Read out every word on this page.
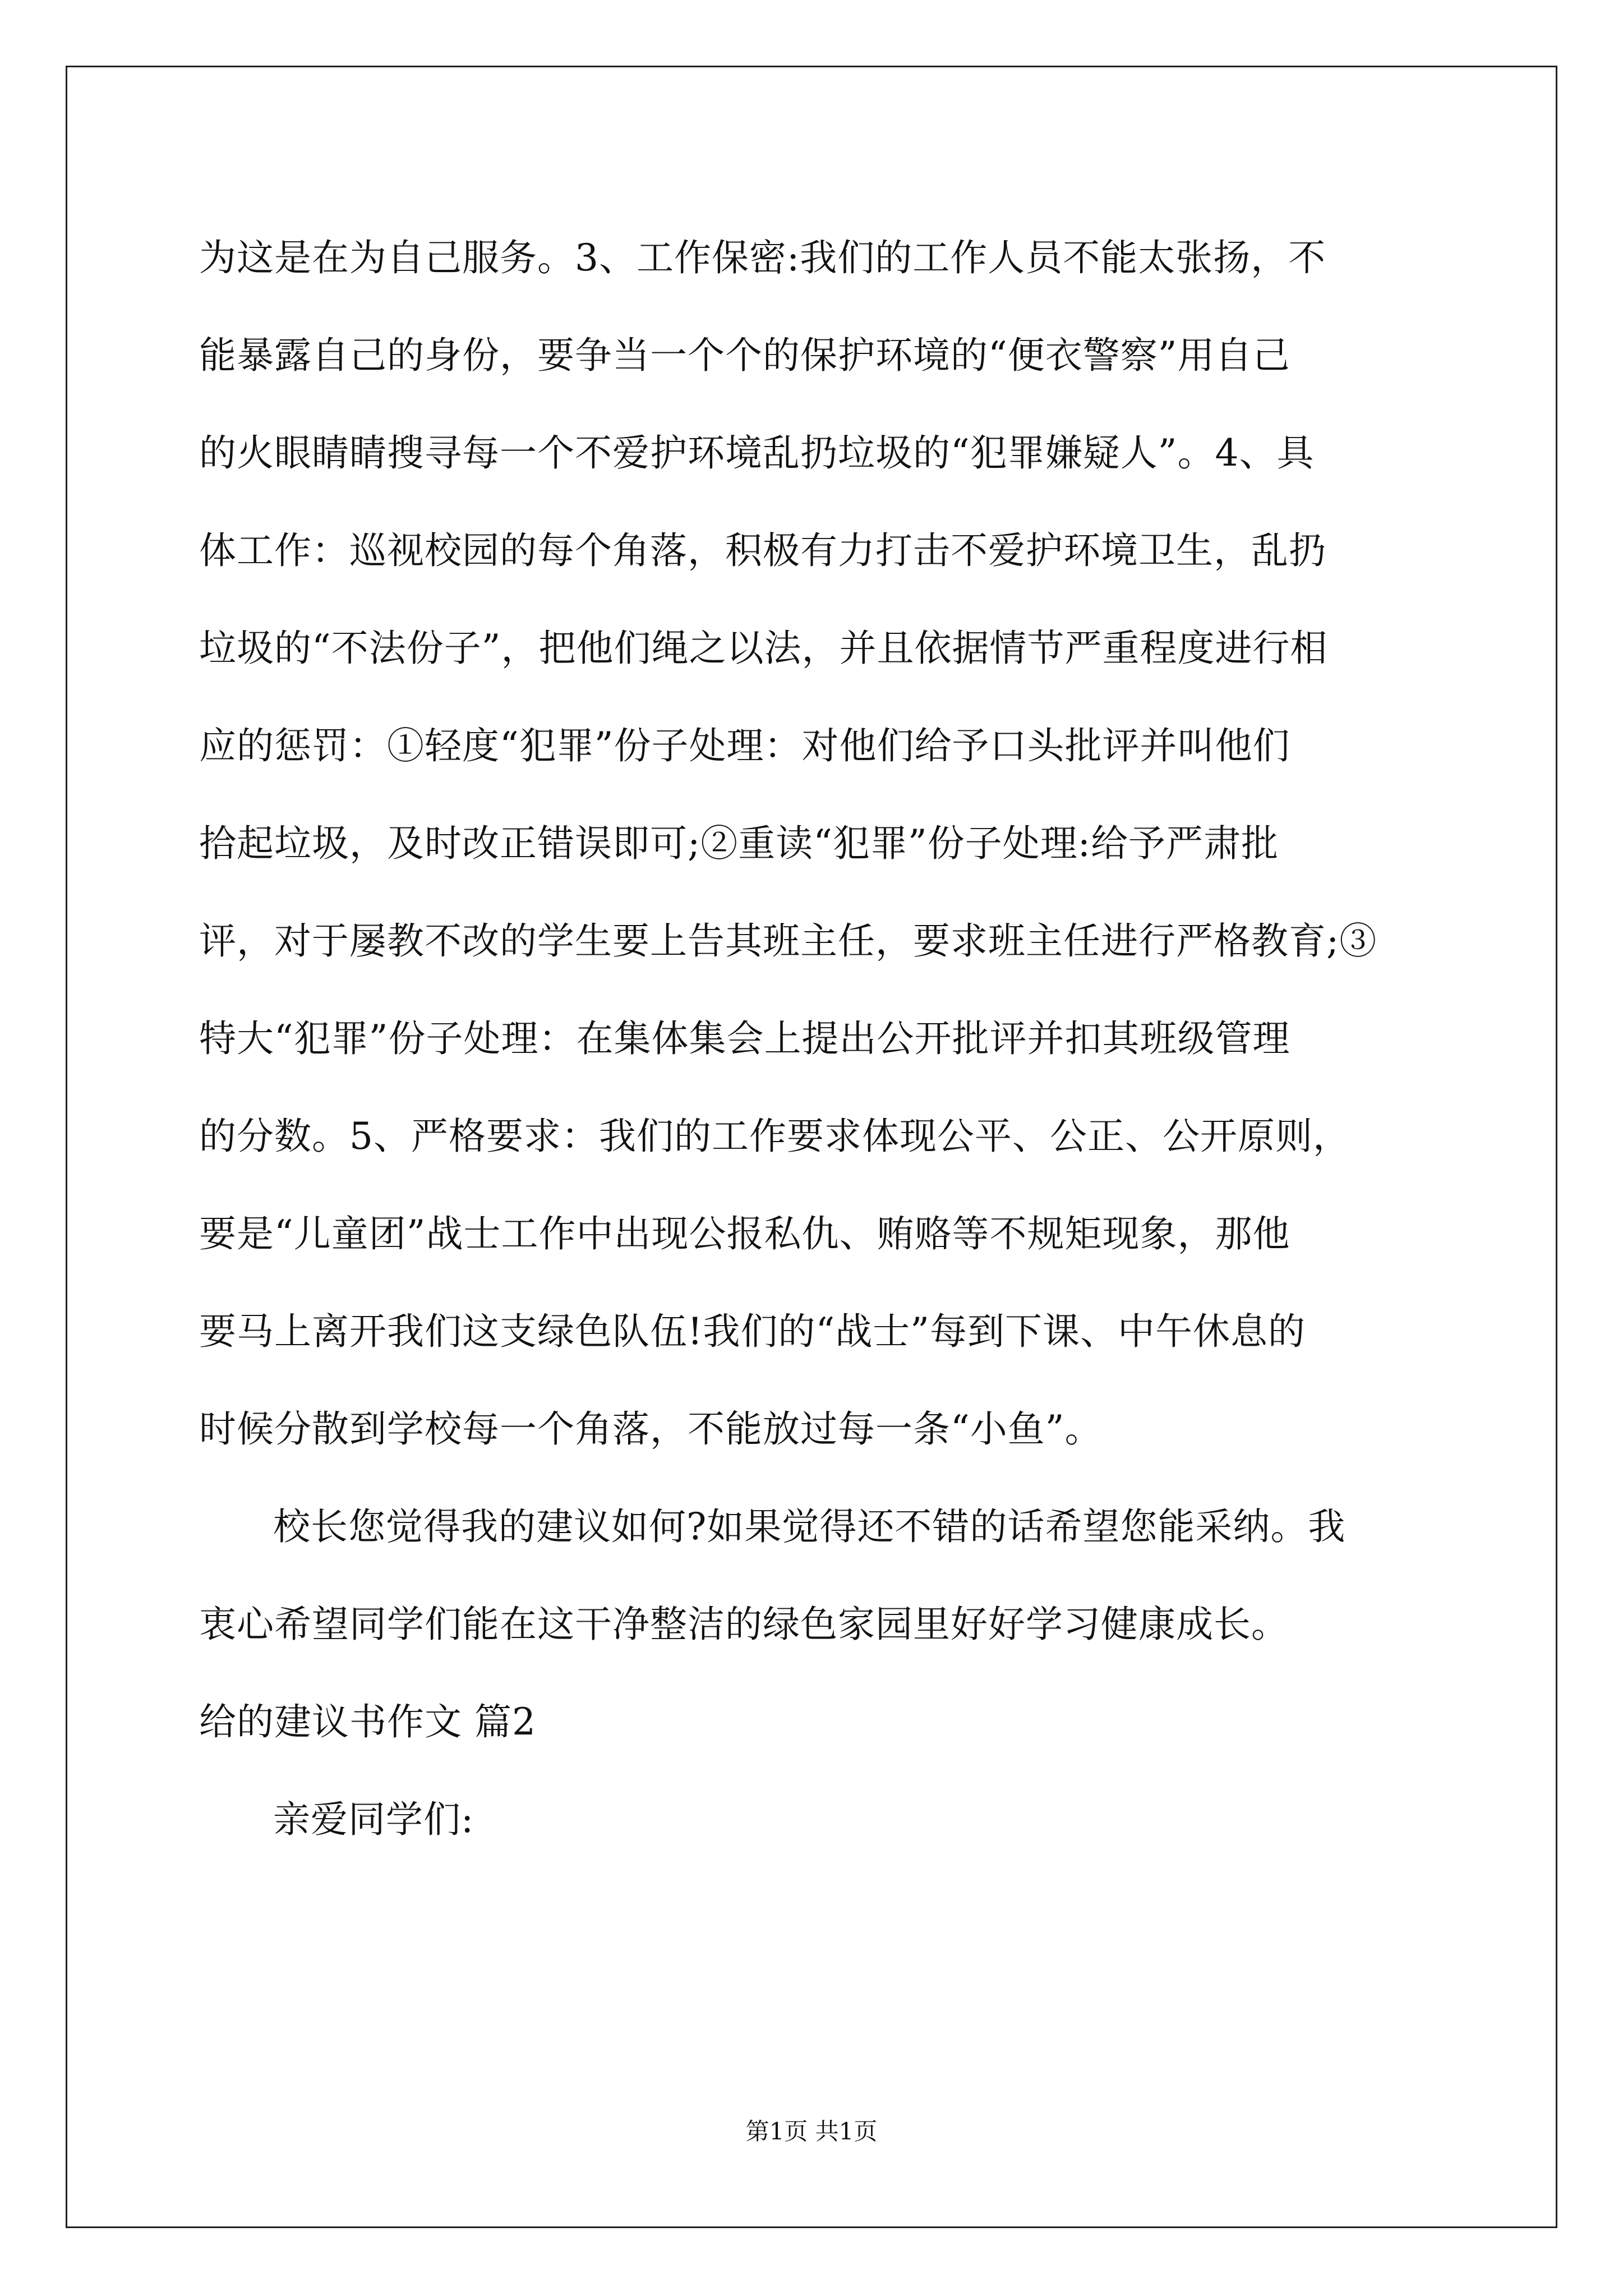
为这是在为自己服务。3、工作保密:我们的工作人员不能太张扬，不
能暴露自己的身份，要争当一个个的保护环境的“便衣警察”用自己
的火眼睛睛搜寻每一个不爱护环境乱扔垃圾的“犯罪嫌疑人”。4、具
体工作：巡视校园的每个角落，积极有力打击不爱护环境卫生，乱扔
垃圾的“不法份子”，把他们绳之以法，并且依据情节严重程度进行相
应的惩罚：①轻度“犯罪”份子处理：对他们给予口头批评并叫他们
拾起垃圾，及时改正错误即可;②重读“犯罪”份子处理:给予严肃批
评，对于屡教不改的学生要上告其班主任，要求班主任进行严格教育;③
特大“犯罪”份子处理：在集体集会上提出公开批评并扣其班级管理
的分数。5、严格要求：我们的工作要求体现公平、公正、公开原则，
要是“儿童团”战士工作中出现公报私仇、贿赂等不规矩现象，那他
要马上离开我们这支绿色队伍!我们的“战士”每到下课、中午休息的
时候分散到学校每一个角落，不能放过每一条“小鱼”。
校长您觉得我的建议如何?如果觉得还不错的话希望您能采纳。我
衷心希望同学们能在这干净整洁的绿色家园里好好学习健康成长。
给的建议书作文 篇2
亲爱同学们:
第1页 共1页
